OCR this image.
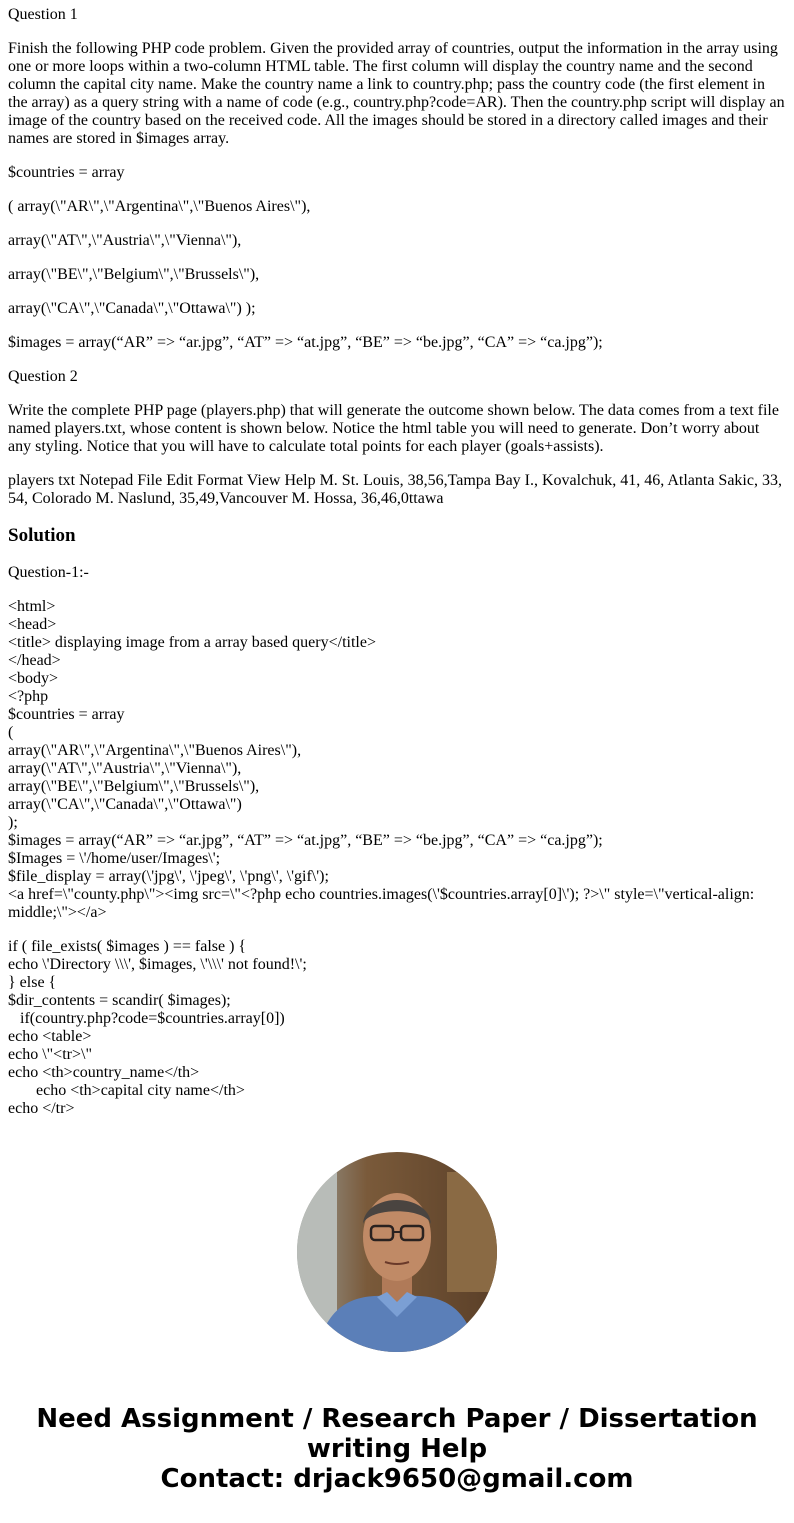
Question 1

Finish the following PHP code problem. Given the provided array of countries, output the information in the array using one or more loops within a two-column HTML table. The first column will display the country name and the second column the capital city name. Make the country name a link to country.php; pass the country code (the first element in the array) as a query string with a name of code (e.g., country.php?code=AR). Then the country.php script will display an image of the country based on the received code. All the images should be stored in a directory called images and their names are stored in $images array.

$countries = array

( array(\"AR\",\"Argentina\",\"Buenos Aires\"),

array(\"AT\",\"Austria\",\"Vienna\"),

array(\"BE\",\"Belgium\",\"Brussels\"),

array(\"CA\",\"Canada\",\"Ottawa\") );

$images = array(“AR” => “ar.jpg”, “AT” => “at.jpg”, “BE” => “be.jpg”, “CA” => “ca.jpg”);

Question 2

Write the complete PHP page (players.php) that will generate the outcome shown below. The data comes from a text file named players.txt, whose content is shown below. Notice the html table you will need to generate. Don’t worry about any styling. Notice that you will have to calculate total points for each player (goals+assists).

players txt Notepad File Edit Format View Help M. St. Louis, 38,56,Tampa Bay I., Kovalchuk, 41, 46, Atlanta Sakic, 33, 54, Colorado M. Naslund, 35,49,Vancouver M. Hossa, 36,46,0ttawa

Solution

Question-1:-

<html>
<head>
<title> displaying image from a array based query</title>
</head>
<body>
<?php
$countries = array
(
array(\"AR\",\"Argentina\",\"Buenos Aires\"),
array(\"AT\",\"Austria\",\"Vienna\"),
array(\"BE\",\"Belgium\",\"Brussels\"),
array(\"CA\",\"Canada\",\"Ottawa\")
);
$images = array(“AR” => “ar.jpg”, “AT” => “at.jpg”, “BE” => “be.jpg”, “CA” => “ca.jpg”);
$Images = \'/home/user/Images\';
$file_display = array(\'jpg\', \'jpeg\', \'png\', \'gif\');
<a href=\"county.php\"><img src=\"<?php echo countries.images(\'$countries.array[0]\'); ?>\" style=\"vertical-align: middle;\"></a>
if ( file_exists( $images ) == false ) {
echo \'Directory \\\', $images, \'\\\' not found!\';
} else {
$dir_contents = scandir( $images);
if(country.php?code=$countries.array[0])
echo <table>
echo \"<tr>\"
echo <th>country_name</th>
echo <th>capital city name</th>
echo </tr>
Need Assignment / Research Paper / Dissertation
writing Help
Contact: drjack9650@gmail.com
